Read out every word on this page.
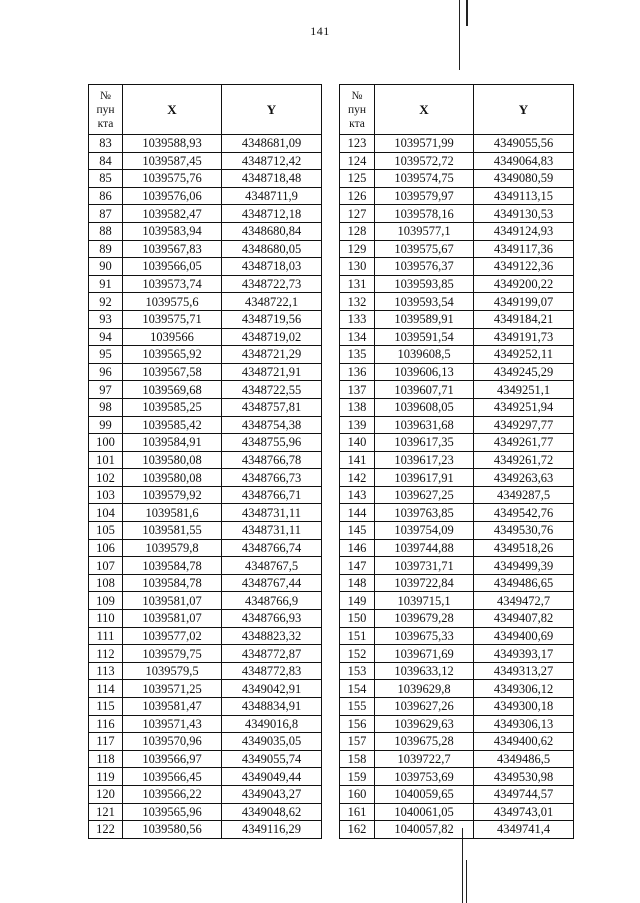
141
№
пун
кта	X	Y
83	1039588,93	4348681,09
84	1039587,45	4348712,42
85	1039575,76	4348718,48
86	1039576,06	4348711,9
87	1039582,47	4348712,18
88	1039583,94	4348680,84
89	1039567,83	4348680,05
90	1039566,05	4348718,03
91	1039573,74	4348722,73
92	1039575,6	4348722,1
93	1039575,71	4348719,56
94	1039566	4348719,02
95	1039565,92	4348721,29
96	1039567,58	4348721,91
97	1039569,68	4348722,55
98	1039585,25	4348757,81
99	1039585,42	4348754,38
100	1039584,91	4348755,96
101	1039580,08	4348766,78
102	1039580,08	4348766,73
103	1039579,92	4348766,71
104	1039581,6	4348731,11
105	1039581,55	4348731,11
106	1039579,8	4348766,74
107	1039584,78	4348767,5
108	1039584,78	4348767,44
109	1039581,07	4348766,9
110	1039581,07	4348766,93
111	1039577,02	4348823,32
112	1039579,75	4348772,87
113	1039579,5	4348772,83
114	1039571,25	4349042,91
115	1039581,47	4348834,91
116	1039571,43	4349016,8
117	1039570,96	4349035,05
118	1039566,97	4349055,74
119	1039566,45	4349049,44
120	1039566,22	4349043,27
121	1039565,96	4349048,62
122	1039580,56	4349116,29
№
пун
кта	X	Y
123	1039571,99	4349055,56
124	1039572,72	4349064,83
125	1039574,75	4349080,59
126	1039579,97	4349113,15
127	1039578,16	4349130,53
128	1039577,1	4349124,93
129	1039575,67	4349117,36
130	1039576,37	4349122,36
131	1039593,85	4349200,22
132	1039593,54	4349199,07
133	1039589,91	4349184,21
134	1039591,54	4349191,73
135	1039608,5	4349252,11
136	1039606,13	4349245,29
137	1039607,71	4349251,1
138	1039608,05	4349251,94
139	1039631,68	4349297,77
140	1039617,35	4349261,77
141	1039617,23	4349261,72
142	1039617,91	4349263,63
143	1039627,25	4349287,5
144	1039763,85	4349542,76
145	1039754,09	4349530,76
146	1039744,88	4349518,26
147	1039731,71	4349499,39
148	1039722,84	4349486,65
149	1039715,1	4349472,7
150	1039679,28	4349407,82
151	1039675,33	4349400,69
152	1039671,69	4349393,17
153	1039633,12	4349313,27
154	1039629,8	4349306,12
155	1039627,26	4349300,18
156	1039629,63	4349306,13
157	1039675,28	4349400,62
158	1039722,7	4349486,5
159	1039753,69	4349530,98
160	1040059,65	4349744,57
161	1040061,05	4349743,01
162	1040057,82	4349741,4
